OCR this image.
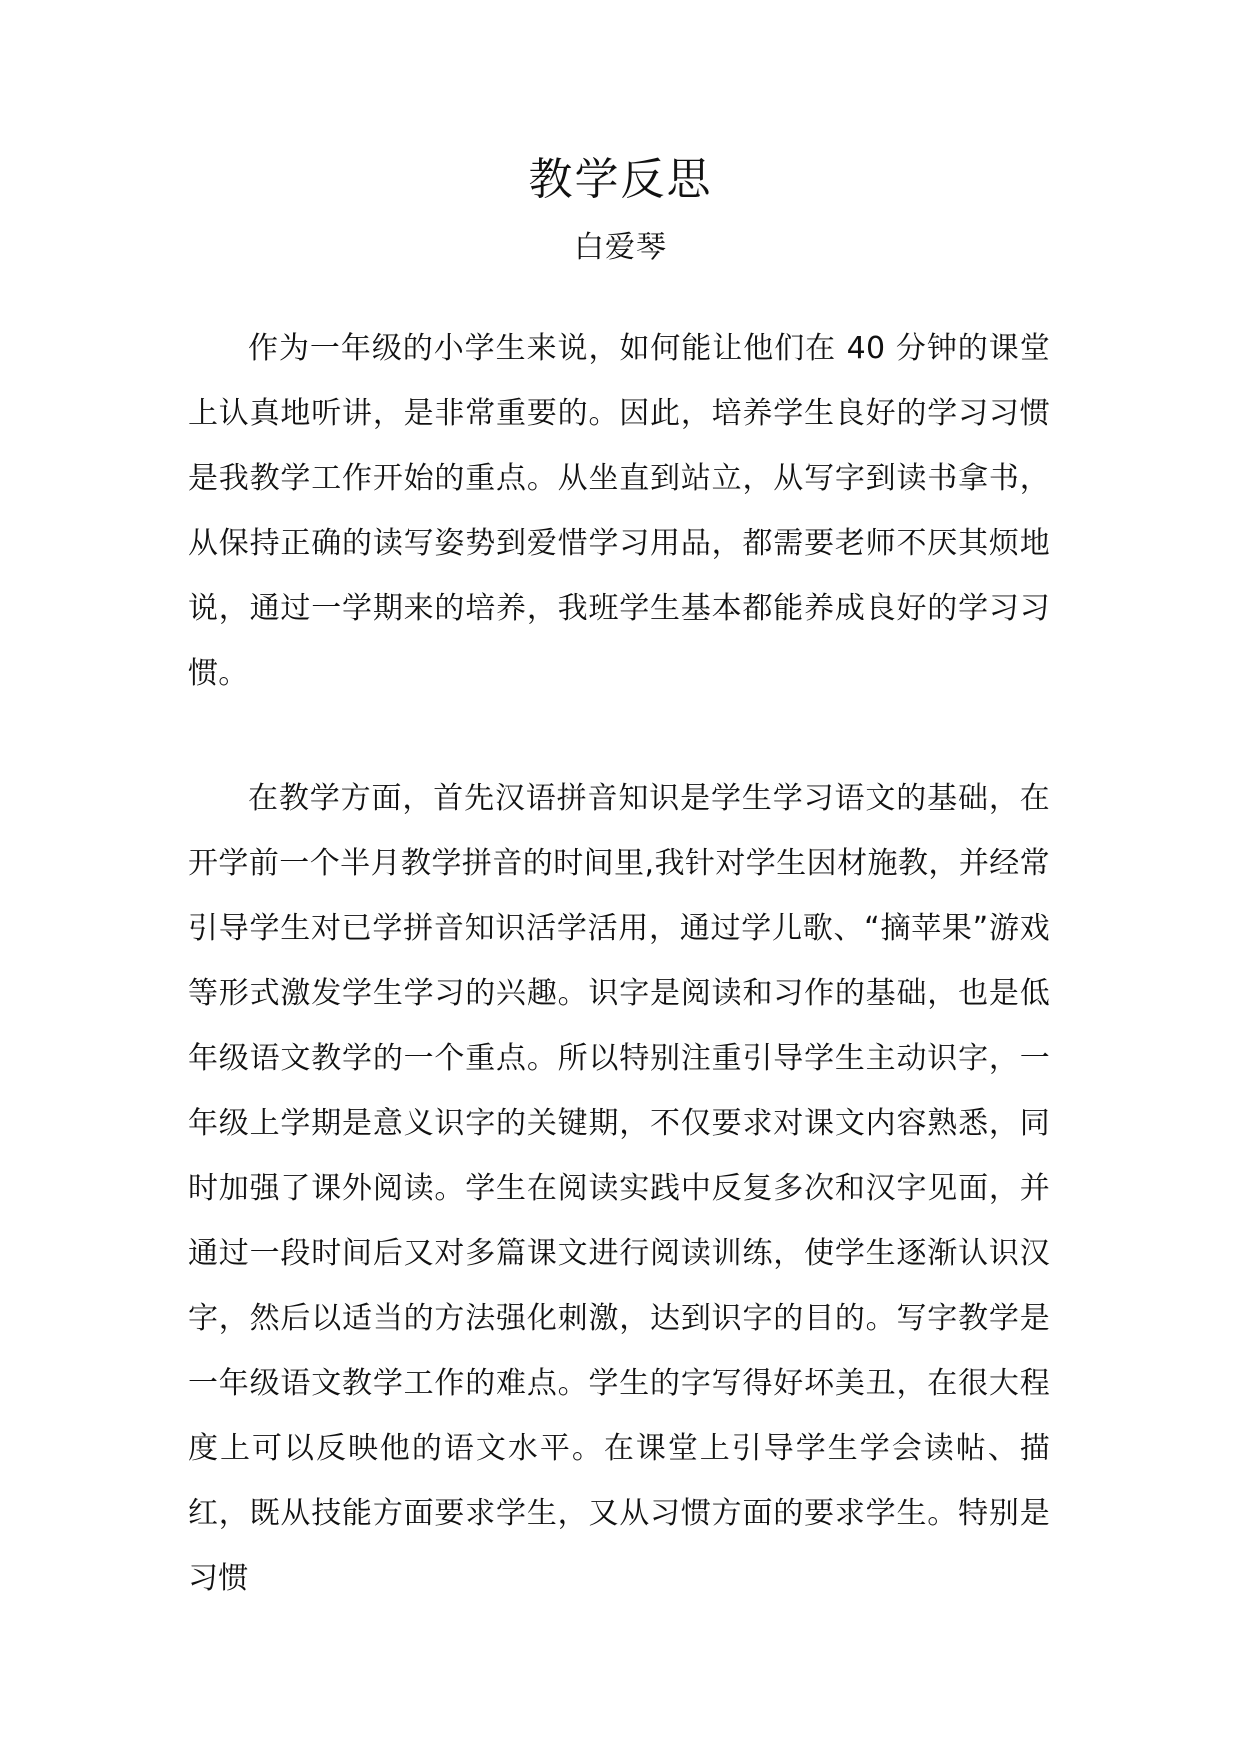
教学反思
白爱琴

作为一年级的小学生来说，如何能让他们在 40 分钟的课堂上认真地听讲，是非常重要的。因此，培养学生良好的学习习惯是我教学工作开始的重点。从坐直到站立，从写字到读书拿书，从保持正确的读写姿势到爱惜学习用品，都需要老师不厌其烦地说，通过一学期来的培养，我班学生基本都能养成良好的学习习惯。

在教学方面，首先汉语拼音知识是学生学习语文的基础，在开学前一个半月教学拼音的时间里,我针对学生因材施教，并经常引导学生对已学拼音知识活学活用，通过学儿歌、“摘苹果”游戏等形式激发学生学习的兴趣。识字是阅读和习作的基础，也是低年级语文教学的一个重点。所以特别注重引导学生主动识字，一年级上学期是意义识字的关键期，不仅要求对课文内容熟悉，同时加强了课外阅读。学生在阅读实践中反复多次和汉字见面，并通过一段时间后又对多篇课文进行阅读训练，使学生逐渐认识汉字，然后以适当的方法强化刺激，达到识字的目的。写字教学是一年级语文教学工作的难点。学生的字写得好坏美丑，在很大程度上可以反映他的语文水平。在课堂上引导学生学会读帖、描红，既从技能方面要求学生，又从习惯方面的要求学生。特别是习惯
